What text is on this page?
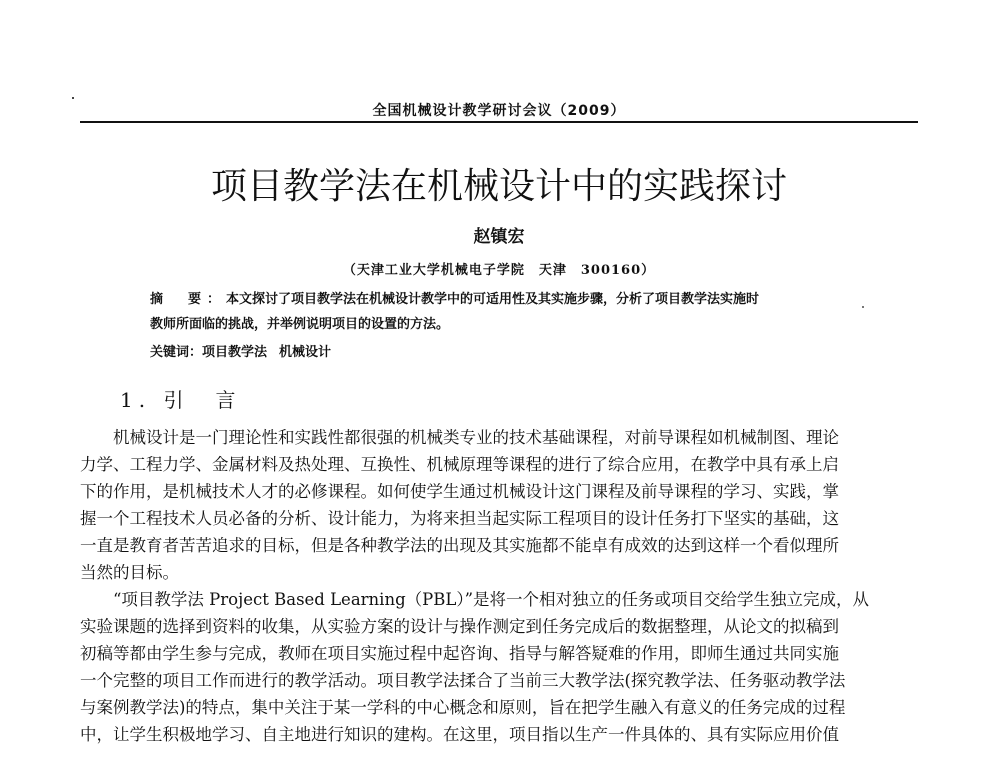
全国机械设计教学研讨会议（2009）
项目教学法在机械设计中的实践探讨
赵镇宏
（天津工业大学机械电子学院　天津　300160）
摘　要：本文探讨了项目教学法在机械设计教学中的可适用性及其实施步骤，分析了项目教学法实施时
教师所面临的挑战，并举例说明项目的设置的方法。
关键词：项目教学法 机械设计
1. 引　言

机械设计是一门理论性和实践性都很强的机械类专业的技术基础课程，对前导课程如机械制图、理论

力学、工程力学、金属材料及热处理、互换性、机械原理等课程的进行了综合应用，在教学中具有承上启
下的作用，是机械技术人才的必修课程。如何使学生通过机械设计这门课程及前导课程的学习、实践，掌
握一个工程技术人员必备的分析、设计能力，为将来担当起实际工程项目的设计任务打下坚实的基础，这
一直是教育者苦苦追求的目标，但是各种教学法的出现及其实施都不能卓有成效的达到这样一个看似理所
当然的目标。

“项目教学法 Project Based Learning（PBL）”是将一个相对独立的任务或项目交给学生独立完成，从

实验课题的选择到资料的收集，从实验方案的设计与操作测定到任务完成后的数据整理，从论文的拟稿到
初稿等都由学生参与完成，教师在项目实施过程中起咨询、指导与解答疑难的作用，即师生通过共同实施
一个完整的项目工作而进行的教学活动。项目教学法揉合了当前三大教学法(探究教学法、任务驱动教学法
与案例教学法)的特点，集中关注于某一学科的中心概念和原则，旨在把学生融入有意义的任务完成的过程
中，让学生积极地学习、自主地进行知识的建构。在这里，项目指以生产一件具体的、具有实际应用价值
